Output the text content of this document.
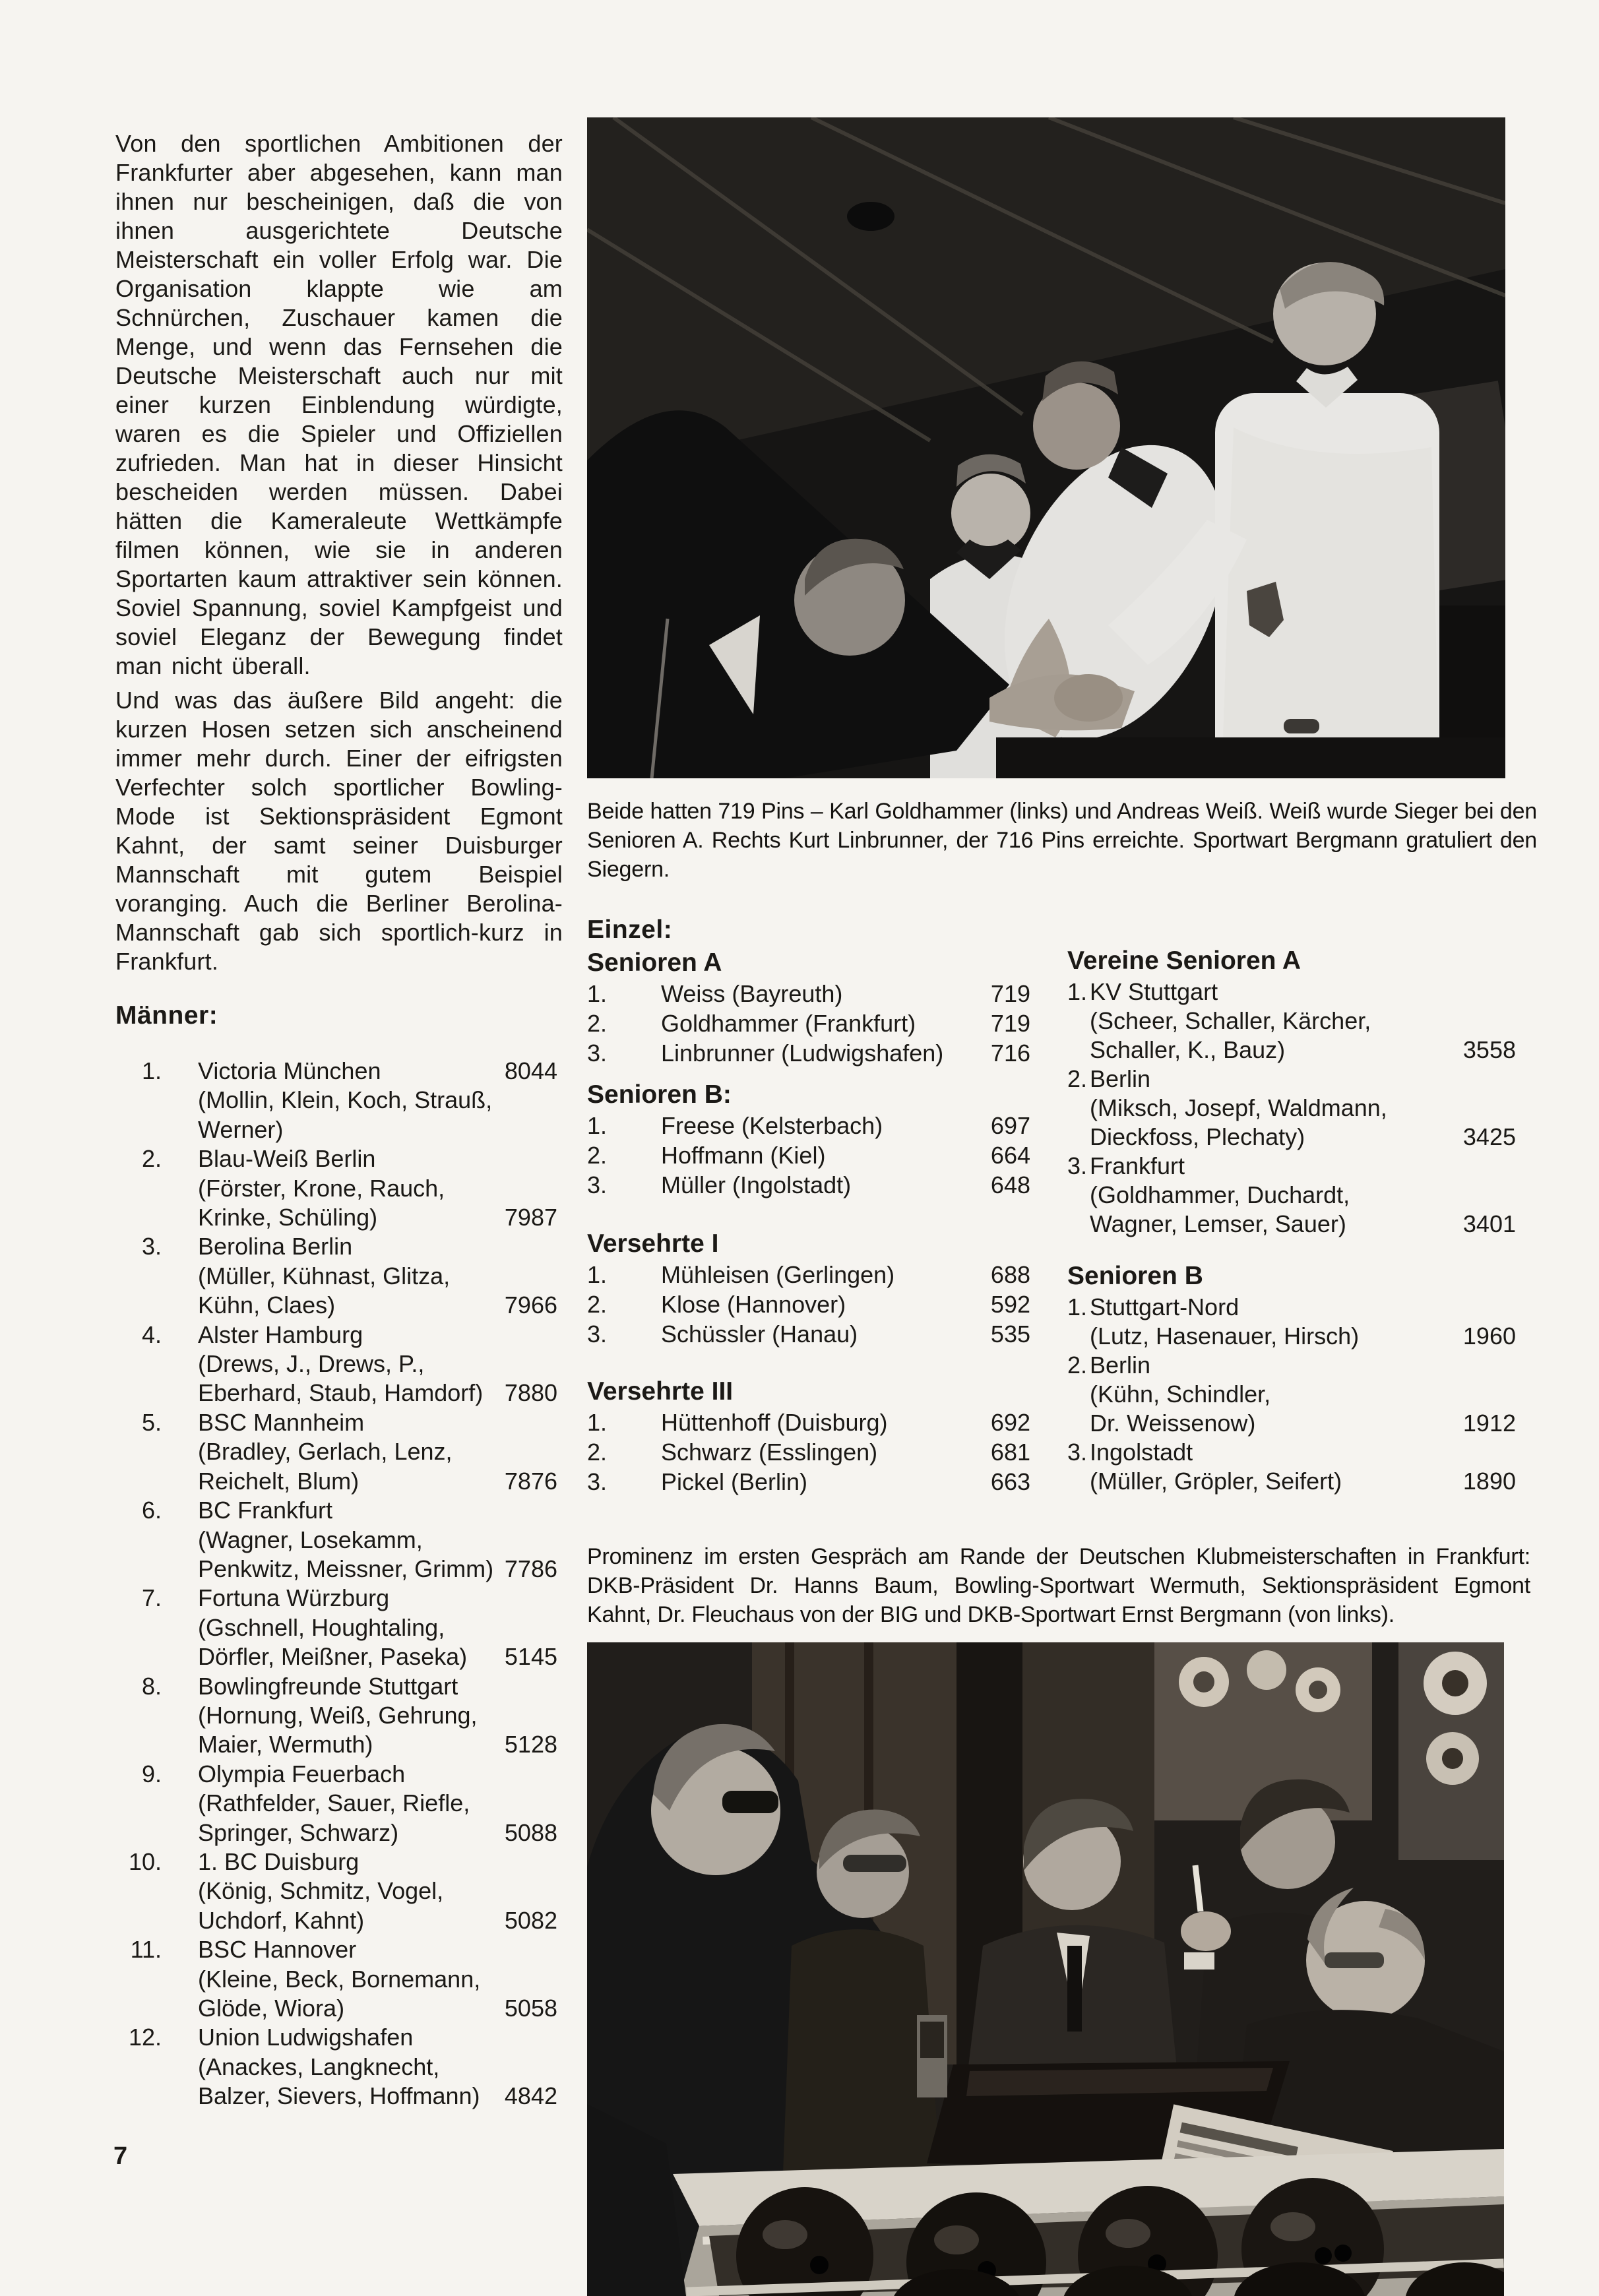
Von den sportlichen Ambitionen der Frankfurter aber abgesehen, kann man ihnen nur bescheinigen, daß die von ihnen ausgerichtete Deutsche Meisterschaft ein voller Erfolg war. Die Organisation klappte wie am Schnürchen, Zuschauer kamen die Menge, und wenn das Fernsehen die Deutsche Meisterschaft auch nur mit einer kurzen Einblendung würdigte, waren es die Spieler und Offiziellen zufrieden. Man hat in dieser Hinsicht bescheiden werden müssen. Dabei hätten die Kameraleute Wettkämpfe filmen können, wie sie in anderen Sportarten kaum attraktiver sein können. Soviel Spannung, soviel Kampfgeist und soviel Eleganz der Bewegung findet man nicht überall.
Und was das äußere Bild angeht: die kurzen Hosen setzen sich anscheinend immer mehr durch. Einer der eifrigsten Verfechter solch sportlicher Bowling-Mode ist Sektionspräsident Egmont Kahnt, der samt seiner Duisburger Mannschaft mit gutem Beispiel voranging. Auch die Berliner Berolina-Mannschaft gab sich sportlich-kurz in Frankfurt.
Männer:
1. Victoria München	8044
(Mollin, Klein, Koch, Strauß,
Werner)
2. Blau-Weiß Berlin
(Förster, Krone, Rauch,
Krinke, Schüling)	7987
3. Berolina Berlin
(Müller, Kühnast, Glitza,
Kühn, Claes)	7966
4. Alster Hamburg
(Drews, J., Drews, P.,
Eberhard, Staub, Hamdorf) 7880
5. BSC Mannheim
(Bradley, Gerlach, Lenz,
Reichelt, Blum)	7876
6. BC Frankfurt
(Wagner, Losekamm,
Penkwitz, Meissner, Grimm) 7786
7. Fortuna Würzburg
(Gschnell, Houghtaling,
Dörfler, Meißner, Paseka) 5145
8. Bowlingfreunde Stuttgart
(Hornung, Weiß, Gehrung,
Maier, Wermuth)	5128
9. Olympia Feuerbach
(Rathfelder, Sauer, Riefle,
Springer, Schwarz)	5088
10. 1. BC Duisburg
(König, Schmitz, Vogel,
Uchdorf, Kahnt)	5082
11. BSC Hannover
(Kleine, Beck, Bornemann,
Glöde, Wiora)	5058
12. Union Ludwigshafen
(Anackes, Langknecht,
Balzer, Sievers, Hoffmann) 4842
7
Beide hatten 719 Pins – Karl Goldhammer (links) und Andreas Weiß. Weiß wurde Sieger bei den Senioren A. Rechts Kurt Linbrunner, der 716 Pins erreichte. Sportwart Bergmann gratuliert den Siegern.
Einzel:
Senioren A
1.	Weiss (Bayreuth)	719
2.	Goldhammer (Frankfurt)	719
3.	Linbrunner (Ludwigshafen) 716
Senioren B:
1.	Freese (Kelsterbach)	697
2.	Hoffmann (Kiel)	664
3.	Müller (Ingolstadt)	648
Versehrte I
1.	Mühleisen (Gerlingen)	688
2.	Klose (Hannover)	592
3.	Schüssler (Hanau)	535
Versehrte III
1.	Hüttenhoff (Duisburg)	692
2.	Schwarz (Esslingen)	681
3.	Pickel (Berlin)	663
Vereine Senioren A
1. KV Stuttgart
(Scheer, Schaller, Kärcher,
Schaller, K., Bauz)	3558
2. Berlin
(Miksch, Josepf, Waldmann,
Dieckfoss, Plechaty)	3425
3. Frankfurt
(Goldhammer, Duchardt,
Wagner, Lemser, Sauer)	3401
Senioren B
1. Stuttgart-Nord
(Lutz, Hasenauer, Hirsch)	1960
2. Berlin
(Kühn, Schindler,
Dr. Weissenow)	1912
3. Ingolstadt
(Müller, Gröpler, Seifert)	1890
Prominenz im ersten Gespräch am Rande der Deutschen Klubmeisterschaften in Frankfurt: DKB-Präsident Dr. Hanns Baum, Bowling-Sportwart Wermuth, Sektionspräsident Egmont Kahnt, Dr. Fleuchaus von der BIG und DKB-Sportwart Ernst Bergmann (von links).
